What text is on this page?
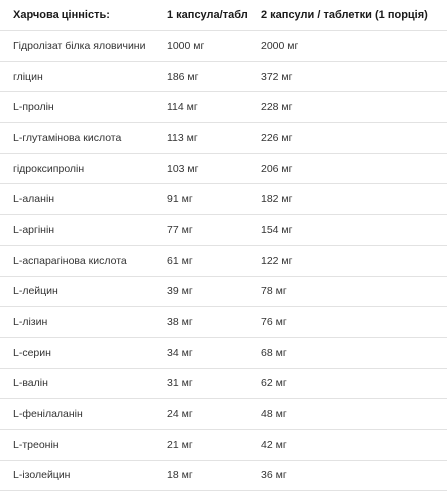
Харчова цінність:	1 капсула/табл	2 капсули / таблетки (1 порція)
Гідролізат білка яловичини	1000 мг	2000 мг
гліцин	186 мг	372 мг
L-пролін	114 мг	228 мг
L-глутамінова кислота	113 мг	226 мг
гідроксипролін	103 мг	206 мг
L-аланін	91 мг	182 мг
L-аргінін	77 мг	154 мг
L-аспарагінова кислота	61 мг	122 мг
L-лейцин	39 мг	78 мг
L-лізин	38 мг	76 мг
L-серин	34 мг	68 мг
L-валін	31 мг	62 мг
L-фенілаланін	24 мг	48 мг
L-треонін	21 мг	42 мг
L-ізолейцин	18 мг	36 мг
